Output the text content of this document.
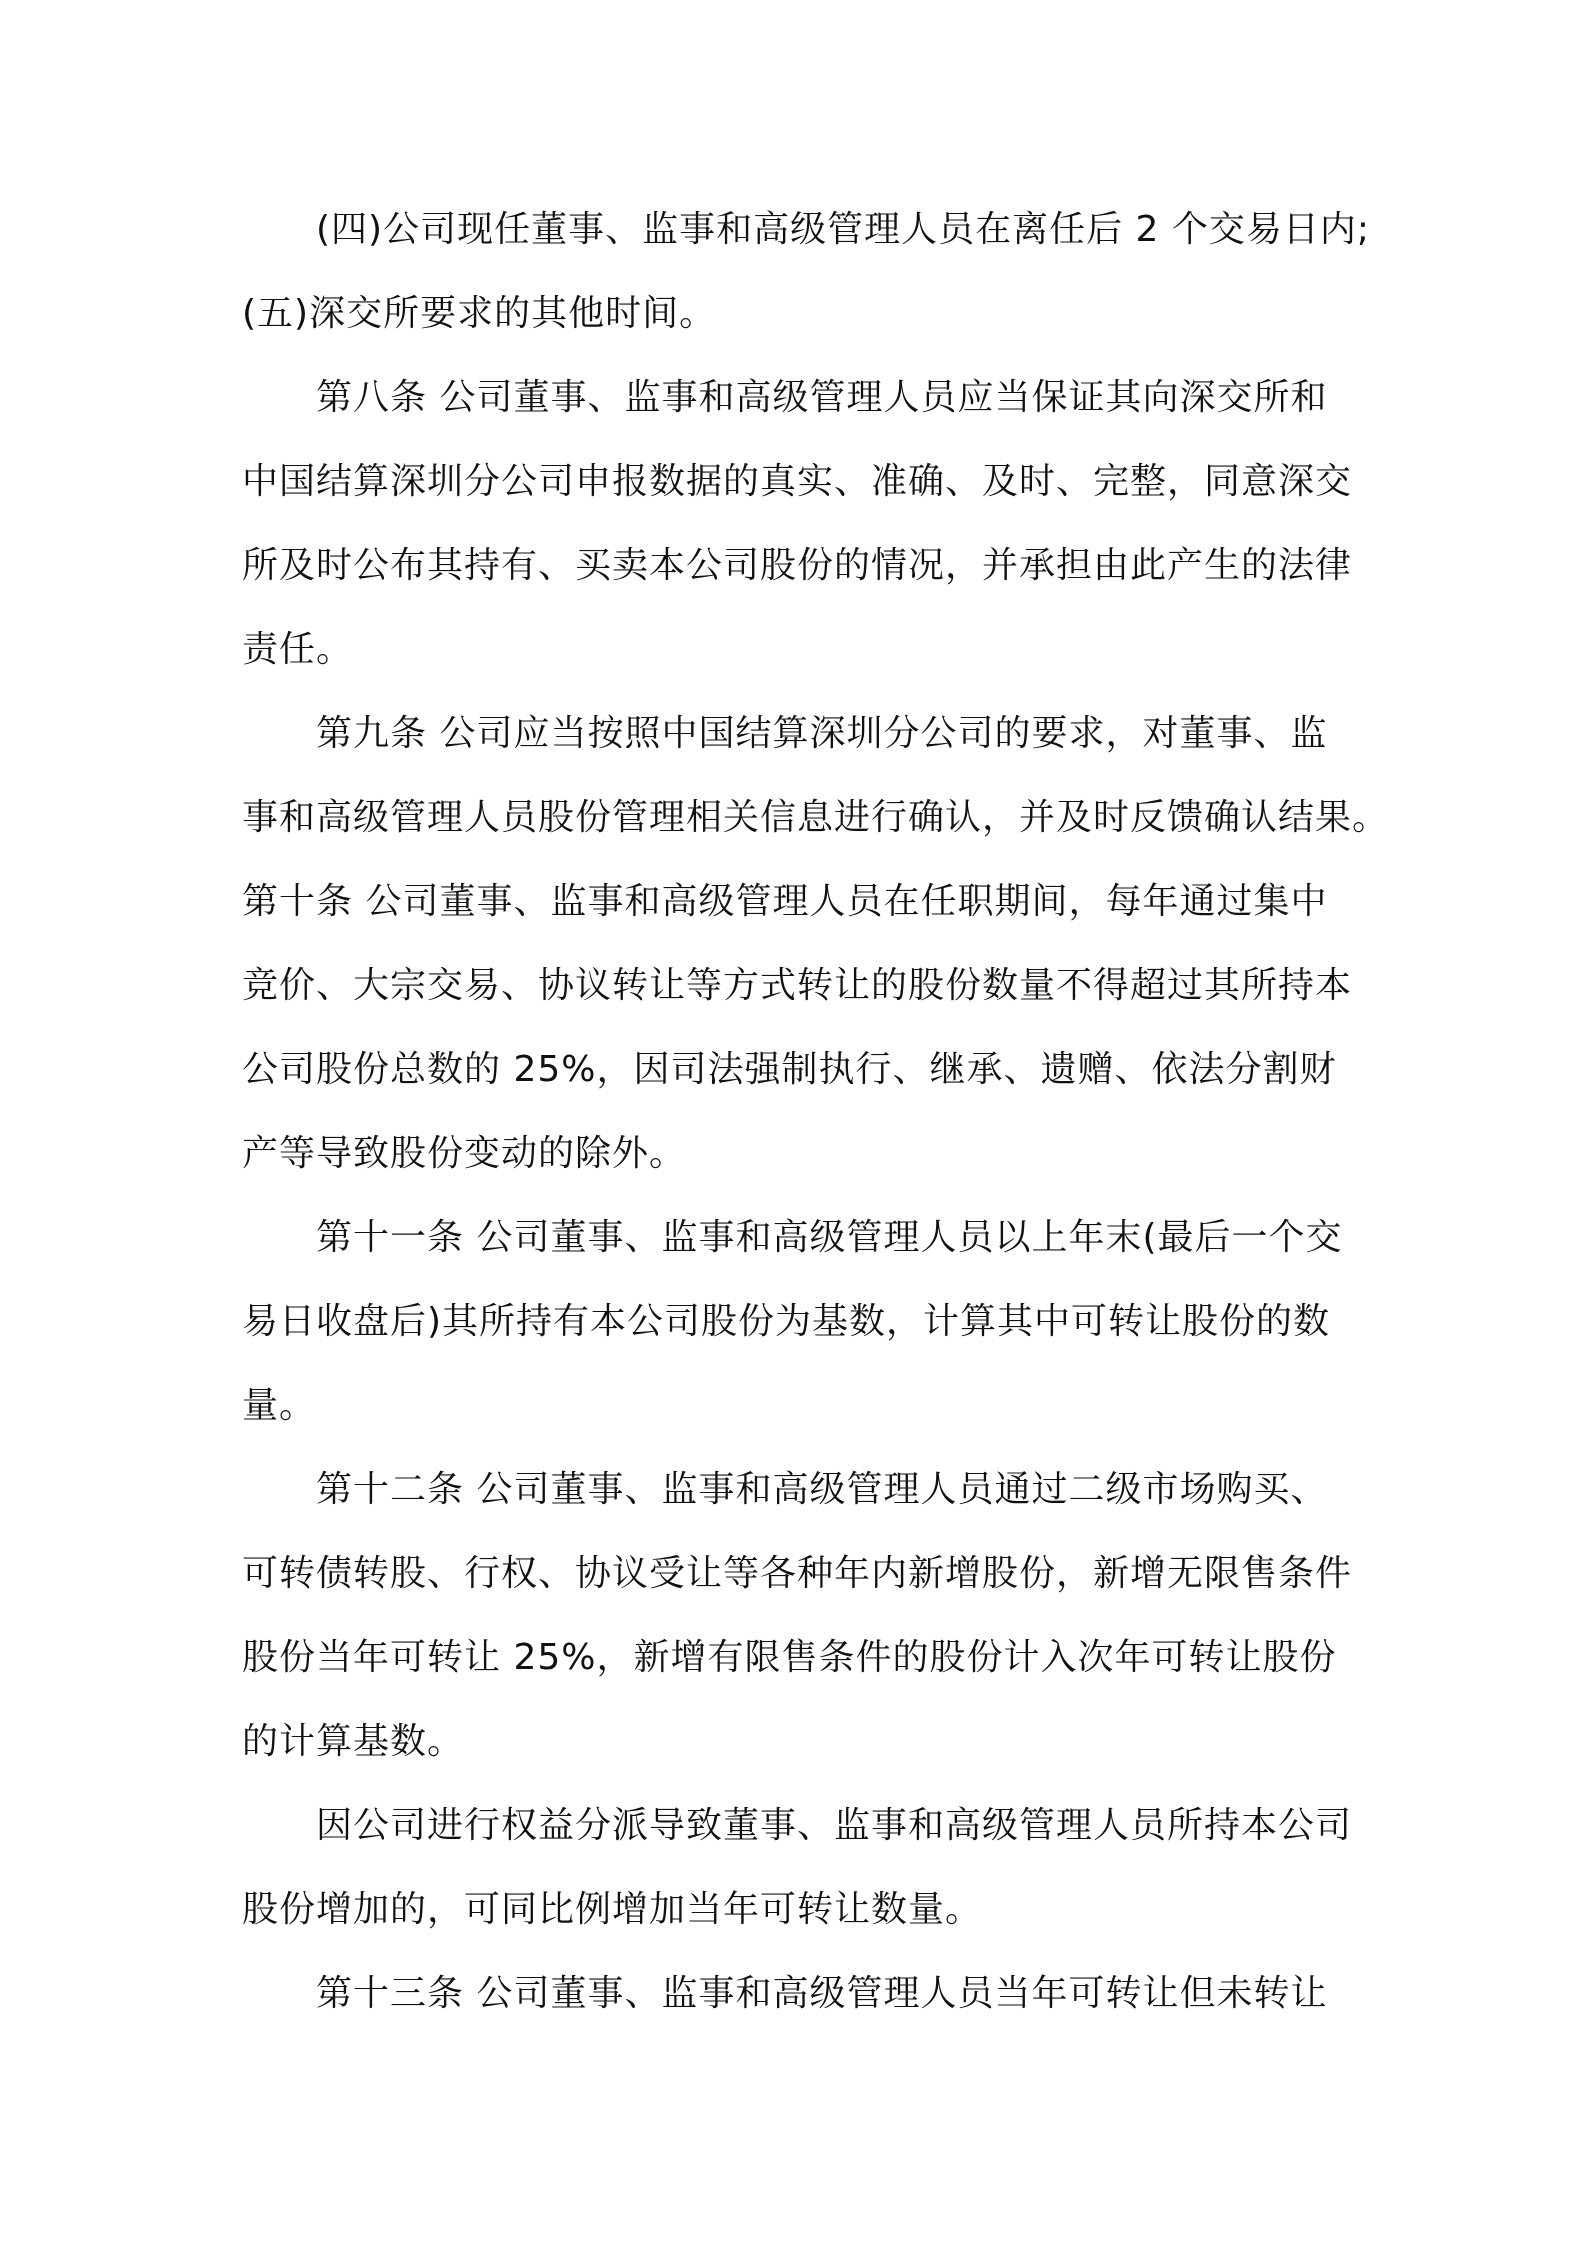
(四)公司现任董事、监事和高级管理人员在离任后 2 个交易日内;
(五)深交所要求的其他时间。
第八条 公司董事、监事和高级管理人员应当保证其向深交所和
中国结算深圳分公司申报数据的真实、准确、及时、完整，同意深交
所及时公布其持有、买卖本公司股份的情况，并承担由此产生的法律
责任。
第九条 公司应当按照中国结算深圳分公司的要求，对董事、监
事和高级管理人员股份管理相关信息进行确认，并及时反馈确认结果。
第十条 公司董事、监事和高级管理人员在任职期间，每年通过集中
竞价、大宗交易、协议转让等方式转让的股份数量不得超过其所持本
公司股份总数的 25%，因司法强制执行、继承、遗赠、依法分割财
产等导致股份变动的除外。
第十一条 公司董事、监事和高级管理人员以上年末(最后一个交
易日收盘后)其所持有本公司股份为基数，计算其中可转让股份的数
量。
第十二条 公司董事、监事和高级管理人员通过二级市场购买、
可转债转股、行权、协议受让等各种年内新增股份，新增无限售条件
股份当年可转让 25%，新增有限售条件的股份计入次年可转让股份
的计算基数。
因公司进行权益分派导致董事、监事和高级管理人员所持本公司
股份增加的，可同比例增加当年可转让数量。
第十三条 公司董事、监事和高级管理人员当年可转让但未转让
